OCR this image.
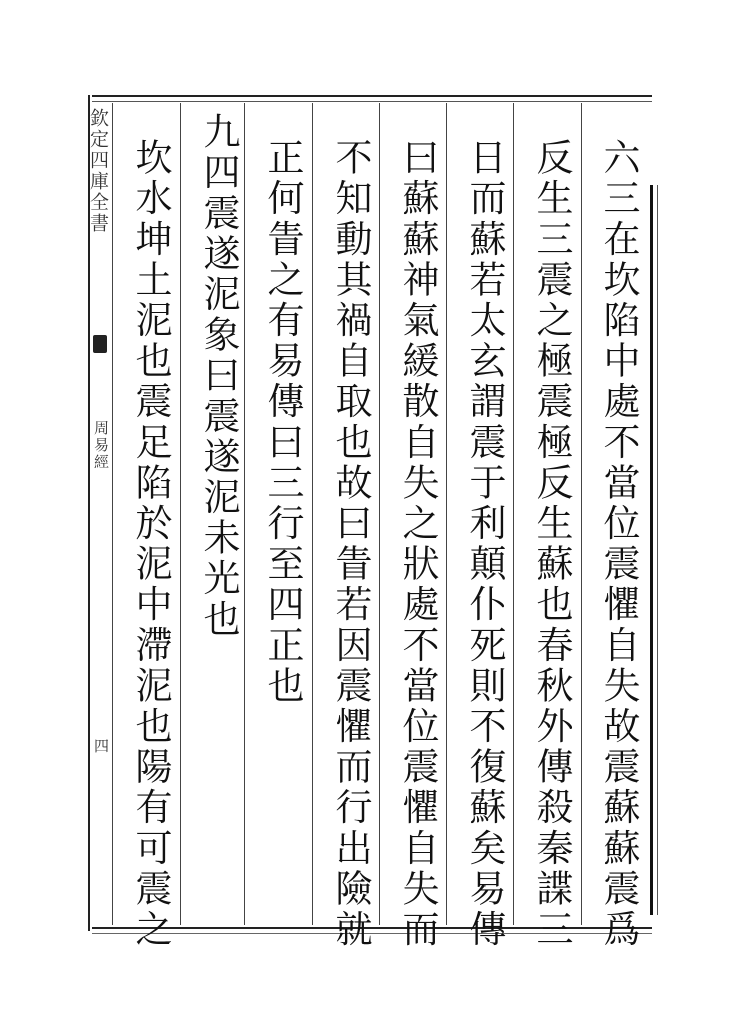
欽定四庫全書
周易經
四	六三在坎陷中處不當位震懼自失故震蘇蘇震爲
反生三震之極震極反生蘇也春秋外傳殺秦諜三
日而蘇若太玄謂震于利顛仆死則不復蘇矣易傳
曰蘇蘇神氣緩散自失之狀處不當位震懼自失而
不知動其禍自取也故曰眚若因震懼而行出險就
正何眚之有易傳曰三行至四正也
九四震遂泥象曰震遂泥未光也
坎水坤土泥也震足陷於泥中滯泥也陽有可震之
